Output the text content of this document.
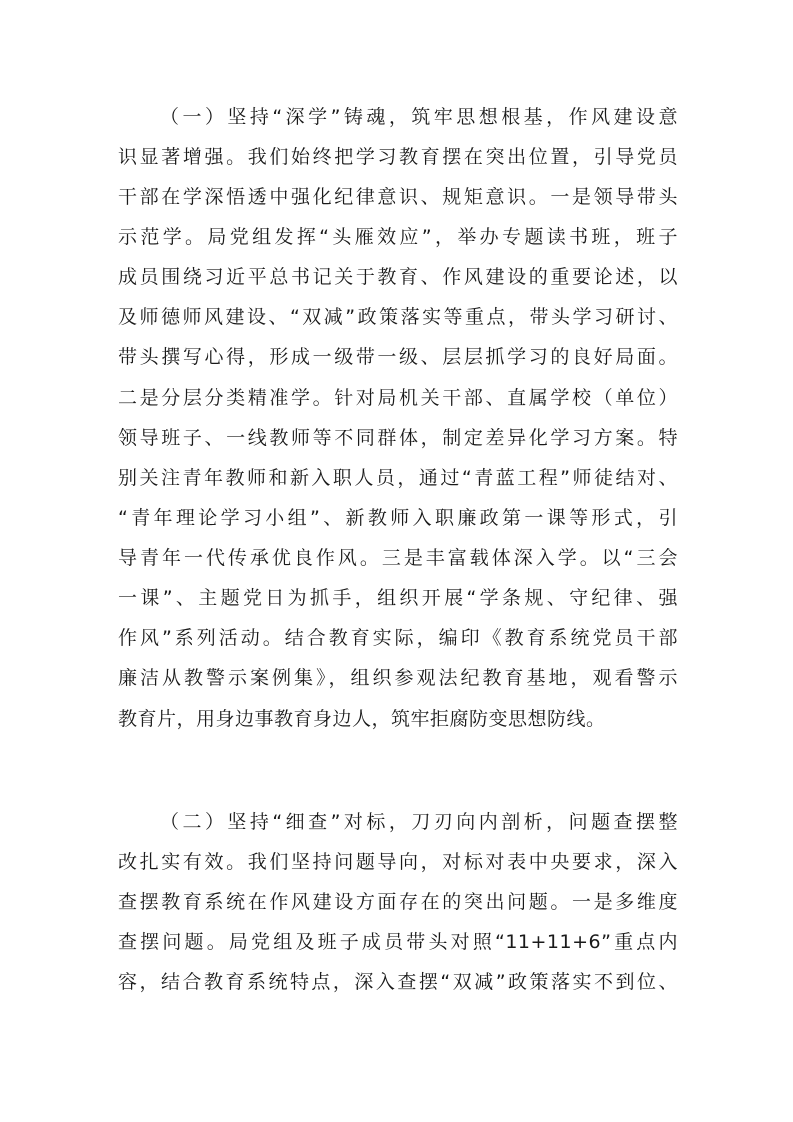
（一）坚持“深学”铸魂，筑牢思想根基，作风建设意
识显著增强。我们始终把学习教育摆在突出位置，引导党员
干部在学深悟透中强化纪律意识、规矩意识。一是领导带头
示范学。局党组发挥“头雁效应”，举办专题读书班，班子
成员围绕习近平总书记关于教育、作风建设的重要论述，以
及师德师风建设、“双减”政策落实等重点，带头学习研讨、
带头撰写心得，形成一级带一级、层层抓学习的良好局面。
二是分层分类精准学。针对局机关干部、直属学校（单位）
领导班子、一线教师等不同群体，制定差异化学习方案。特
别关注青年教师和新入职人员，通过“青蓝工程”师徒结对、
“青年理论学习小组”、新教师入职廉政第一课等形式，引
导青年一代传承优良作风。三是丰富载体深入学。以“三会
一课”、主题党日为抓手，组织开展“学条规、守纪律、强
作风”系列活动。结合教育实际，编印《教育系统党员干部
廉洁从教警示案例集》，组织参观法纪教育基地，观看警示
教育片，用身边事教育身边人，筑牢拒腐防变思想防线。
（二）坚持“细查”对标，刀刃向内剖析，问题查摆整
改扎实有效。我们坚持问题导向，对标对表中央要求，深入
查摆教育系统在作风建设方面存在的突出问题。一是多维度
查摆问题。局党组及班子成员带头对照“11+11+6”重点内
容，结合教育系统特点，深入查摆“双减”政策落实不到位、
